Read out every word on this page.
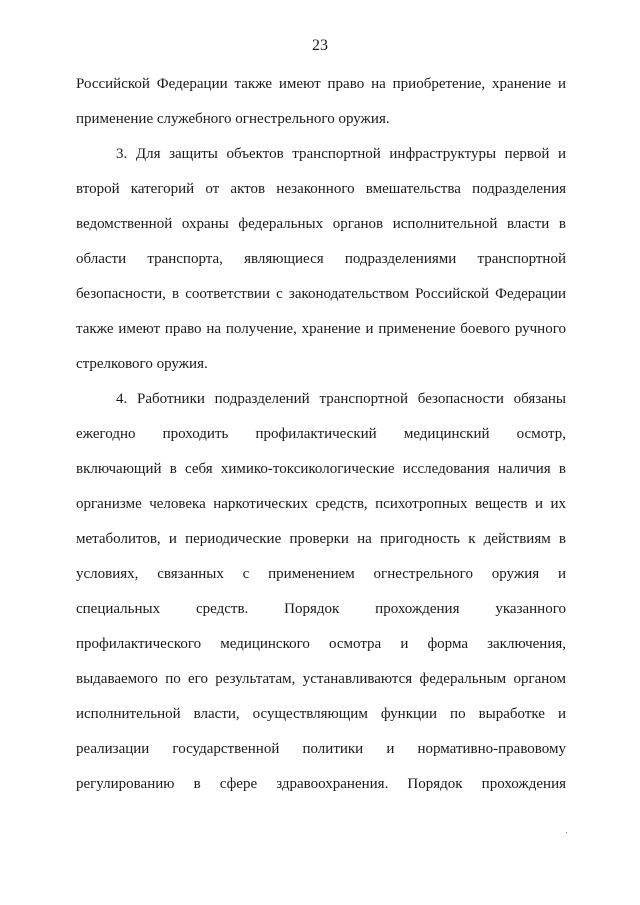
23
Российской Федерации также имеют право на приобретение, хранение и
применение служебного огнестрельного оружия.
3. Для защиты объектов транспортной инфраструктуры первой и
второй категорий от актов незаконного вмешательства подразделения
ведомственной охраны федеральных органов исполнительной власти в
области транспорта, являющиеся подразделениями транспортной
безопасности, в соответствии с законодательством Российской Федерации
также имеют право на получение, хранение и применение боевого ручного
стрелкового оружия.
4. Работники подразделений транспортной безопасности обязаны
ежегодно проходить профилактический медицинский осмотр,
включающий в себя химико-токсикологические исследования наличия в
организме человека наркотических средств, психотропных веществ и их
метаболитов, и периодические проверки на пригодность к действиям в
условиях, связанных с применением огнестрельного оружия и
специальных средств. Порядок прохождения указанного
профилактического медицинского осмотра и форма заключения,
выдаваемого по его результатам, устанавливаются федеральным органом
исполнительной власти, осуществляющим функции по выработке и
реализации государственной политики и нормативно-правовому
регулированию в сфере здравоохранения. Порядок прохождения
